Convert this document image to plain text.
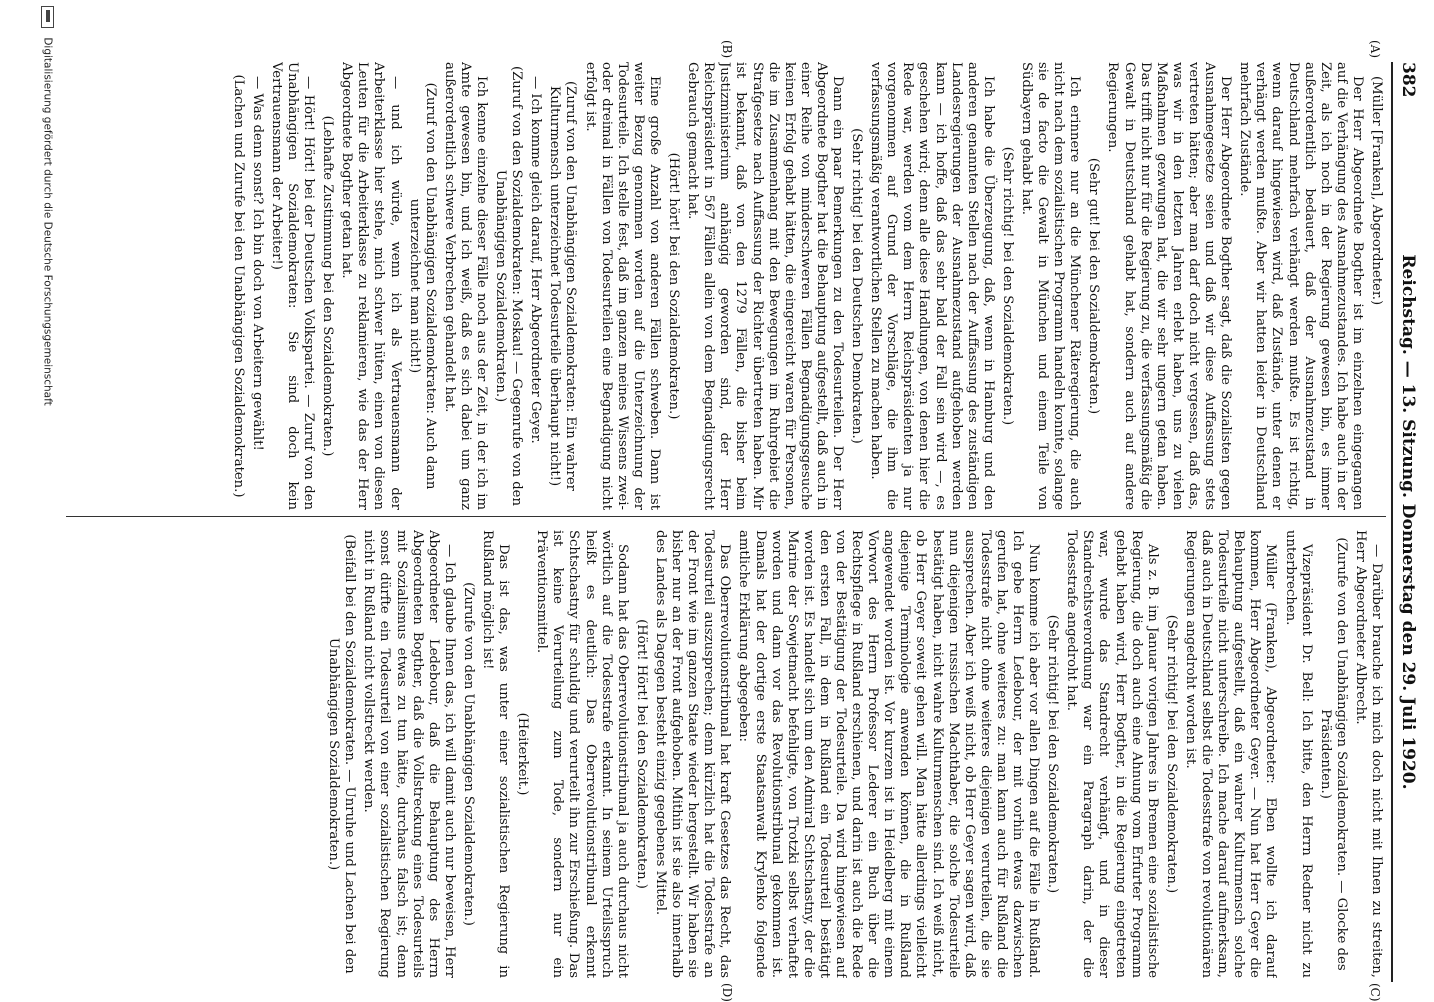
382
Reichstag. — 13. Sitzung. Donnerstag den 29. Juli 1920.
(A)
(B)
(C)
(D)

(Müller [Franken], Abgeordneter.)

Der Herr Abgeordnete Bogther ist im einzelnen eingegangen auf die Verhängung des Ausnahmezustandes. Ich habe auch in der Zeit, als ich noch in der Regierung gewesen bin, es immer außerordentlich bedauert, daß der Ausnahmezustand in Deutschland mehrfach verhängt werden mußte. Es ist richtig, wenn darauf hingewiesen wird, daß Zustände, unter denen er verhängt werden mußte. Aber wir hatten leider in Deutschland mehrfach Zustände.

Der Herr Abgeordnete Bogther sagt, daß die Sozialisten gegen Ausnahmegesetze seien und daß wir diese Auffassung stets vertreten hätten; aber man darf doch nicht vergessen, daß das, was wir in den letzten Jahren erlebt haben, uns zu vielen Maßnahmen gezwungen hat, die wir sehr ungern getan haben. Das trifft nicht nur für die Regierung zu, die verfassungsmäßig die Gewalt in Deutschland gehabt hat, sondern auch auf andere Regierungen.

(Sehr gut! bei den Sozialdemokraten.)

Ich erinnere nur an die Münchener Räteregierung, die auch nicht nach dem sozialistischen Programm handeln konnte, solange sie de facto die Gewalt in München und einem Teile von Südbayern gehabt hat.

(Sehr richtig! bei den Sozialdemokraten.)

Ich habe die Überzeugung, daß, wenn in Hamburg und den anderen genannten Stellen nach der Auffassung des zuständigen Landesregierungen der Ausnahmezustand aufgehoben werden kann — ich hoffe, daß das sehr bald der Fall sein wird —, es geschehen wird; denn alle diese Handlungen, von denen hier die Rede war, werden vom dem Herrn Reichspräsidenten ja nur vorgenommen auf Grund der Vorschläge, die ihm die verfassungsmäßig verantwortlichen Stellen zu machen haben.

(Sehr richtig! bei den Deutschen Demokraten.)

Dann ein paar Bemerkungen zu den Todesurteilen. Der Herr Abgeordnete Bogther hat die Behauptung aufgestellt, daß auch in einer Reihe von minderschweren Fällen Begnadigungsgesuche keinen Erfolg gehabt hätten, die eingereicht waren für Personen, die im Zusammenhang mit den Bewegungen im Ruhrgebiet die Strafgesetze nach Auffassung der Richter übertreten haben. Mir ist bekannt, daß von den 1279 Fällen, die bisher beim Justizministerium anhängig geworden sind, der Herr Reichspräsident in 567 Fällen allein von dem Begnadigungsrecht Gebrauch gemacht hat.

(Hört! hört! bei den Sozialdemokraten.)

Eine große Anzahl von anderen Fällen schweben. Dann ist weiter Bezug genommen worden auf die Unterzeichnung der Todesurteile. Ich stelle fest, daß im ganzen meines Wissens zwei- oder dreimal in Fällen von Todesurteilen eine Begnadigung nicht erfolgt ist.

(Zuruf von den Unabhängigen Sozialdemokraten: Ein wahrer Kulturmensch unterzeichnet Todesurteile überhaupt nicht!)

— Ich komme gleich darauf, Herr Abgeordneter Geyer.

(Zuruf von den Sozialdemokraten: Moskau! — Gegenrufe von den Unabhängigen Sozialdemokraten.)

Ich kenne einzelne dieser Fälle noch aus der Zeit, in der ich im Amte gewesen bin, und ich weiß, daß es sich dabei um ganz außerordentlich schwere Verbrechen gehandelt hat.

(Zuruf von den Unabhängigen Sozialdemokraten: Auch dann unterzeichnet man nicht!)

— und ich würde, wenn ich als Vertrauensmann der Arbeiterklasse hier stehe, mich schwer hüten, einen von diesen Leuten für die Arbeiterklasse zu reklamieren, wie das der Herr Abgeordnete Bogther getan hat.

(Lebhafte Zustimmung bei den Sozialdemokraten.)

— Hört! Hört! bei der Deutschen Volkspartei. — Zuruf von den Unabhängigen Sozialdemokraten: Sie sind doch kein Vertrauensmann der Arbeiter!)

— Was denn sonst? Ich bin doch von Arbeitern gewählt!

(Lachen und Zurufe bei den Unabhängigen Sozialdemokraten.)

— Darüber brauche ich mich doch nicht mit Ihnen zu streiten, Herr Abgeordneter Albrecht.

(Zurufe von den Unabhängigen Sozialdemokraten. — Glocke des Präsidenten.)

Vizepräsident Dr. Bell: Ich bitte, den Herrn Redner nicht zu unterbrechen.

Müller (Franken), Abgeordneter: Eben wollte ich darauf kommen, Herr Abgeordneter Geyer. — Nun hat Herr Geyer die Behauptung aufgestellt, daß ein wahrer Kulturmensch solche Todesurteile nicht unterschreibe. Ich mache darauf aufmerksam, daß auch in Deutschland selbst die Todesstrafe von revolutionären Regierungen angedroht worden ist.

(Sehr richtig! bei den Sozialdemokraten.)

Als z. B. im Januar vorigen Jahres in Bremen eine sozialistische Regierung, die doch auch eine Ahnung vom Erfurter Programm gehabt haben wird, Herr Bogther, in die Regierung eingetreten war, wurde das Standrecht verhängt, und in dieser Standrechtsverordnung war ein Paragraph darin, der die Todesstrafe angedroht hat.

(Sehr richtig! bei den Sozialdemokraten.)

Nun komme ich aber vor allen Dingen auf die Fälle in Rußland. Ich gebe Herrn Ledebour, der mit vorhin etwas dazwischen gerufen hat, ohne weiteres zu: man kann auch für Rußland die Todesstrafe nicht ohne weiteres diejenigen verurteilen, die sie aussprechen. Aber ich weiß nicht, ob Herr Geyer sagen wird, daß nun diejenigen russischen Machthaber, die solche Todesurteile bestätigt haben, nicht wahre Kulturmenschen sind. Ich weiß nicht, ob Herr Geyer soweit gehen will. Man hätte allerdings vielleicht diejenige Terminologie anwenden können, die in Rußland angewendet worden ist. Vor kurzem ist in Heidelberg mit einem Vorwort des Herrn Professor Lederer ein Buch über die Rechtspflege in Rußland erschienen, und darin ist auch die Rede von der Bestätigung der Todesurteile. Da wird hingewiesen auf den ersten Fall, in dem in Rußland ein Todesurteil bestätigt worden ist. Es handelt sich um den Admiral Schtschastny, der die Marine der Sowjetmacht befehligte, von Trotzki selbst verhaftet worden und dann vor das Revolutionstribunal gekommen ist. Damals hat der dortige erste Staatsanwalt Krylenko folgende amtliche Erklärung abgegeben:

Das Oberrevolutionstribunal hat kraft Gesetzes das Recht, das Todesurteil auszusprechen; denn kürzlich hat die Todesstrafe an der Front wie im ganzen Staate wieder hergestellt. Wir haben sie bisher nur an der Front aufgehoben. Mithin ist sie also innerhalb des Landes als Dagegen besteht einzig gegebenes Mittel.

(Hört! Hört! bei den Sozialdemokraten.)

Sodann hat das Oberrevolutionstribunal ja auch durchaus nicht wörtlich auf die Todesstrafe erkannt. In seinem Urteilsspruch heißt es deutlich: Das Oberrevolutionstribunal erkennt Schtschastny für schuldig und verurteilt ihn zur Erschießung. Das ist keine Verurteilung zum Tode, sondern nur ein Präventionsmittel.

(Heiterkeit.)

Das ist das, was unter einer sozialistischen Regierung in Rußland möglich ist!

(Zurufe von den Unabhängigen Sozialdemokraten.)

— Ich glaube Ihnen das, ich will damit auch nur beweisen, Herr Abgeordneter Ledebour, daß die Behauptung des Herrn Abgeordneten Bogther, daß die Vollstreckung eines Todesurteils mit Sozialismus etwas zu tun hätte, durchaus falsch ist; denn sonst dürfte ein Todesurteil von einer sozialistischen Regierung nicht in Rußland nicht vollstreckt werden.

(Beifall bei den Sozialdemokraten. — Unruhe und Lachen bei den Unabhängigen Sozialdemokraten.)

Digitalisierung gefördert durch die Deutsche Forschungsgemeinschaft
